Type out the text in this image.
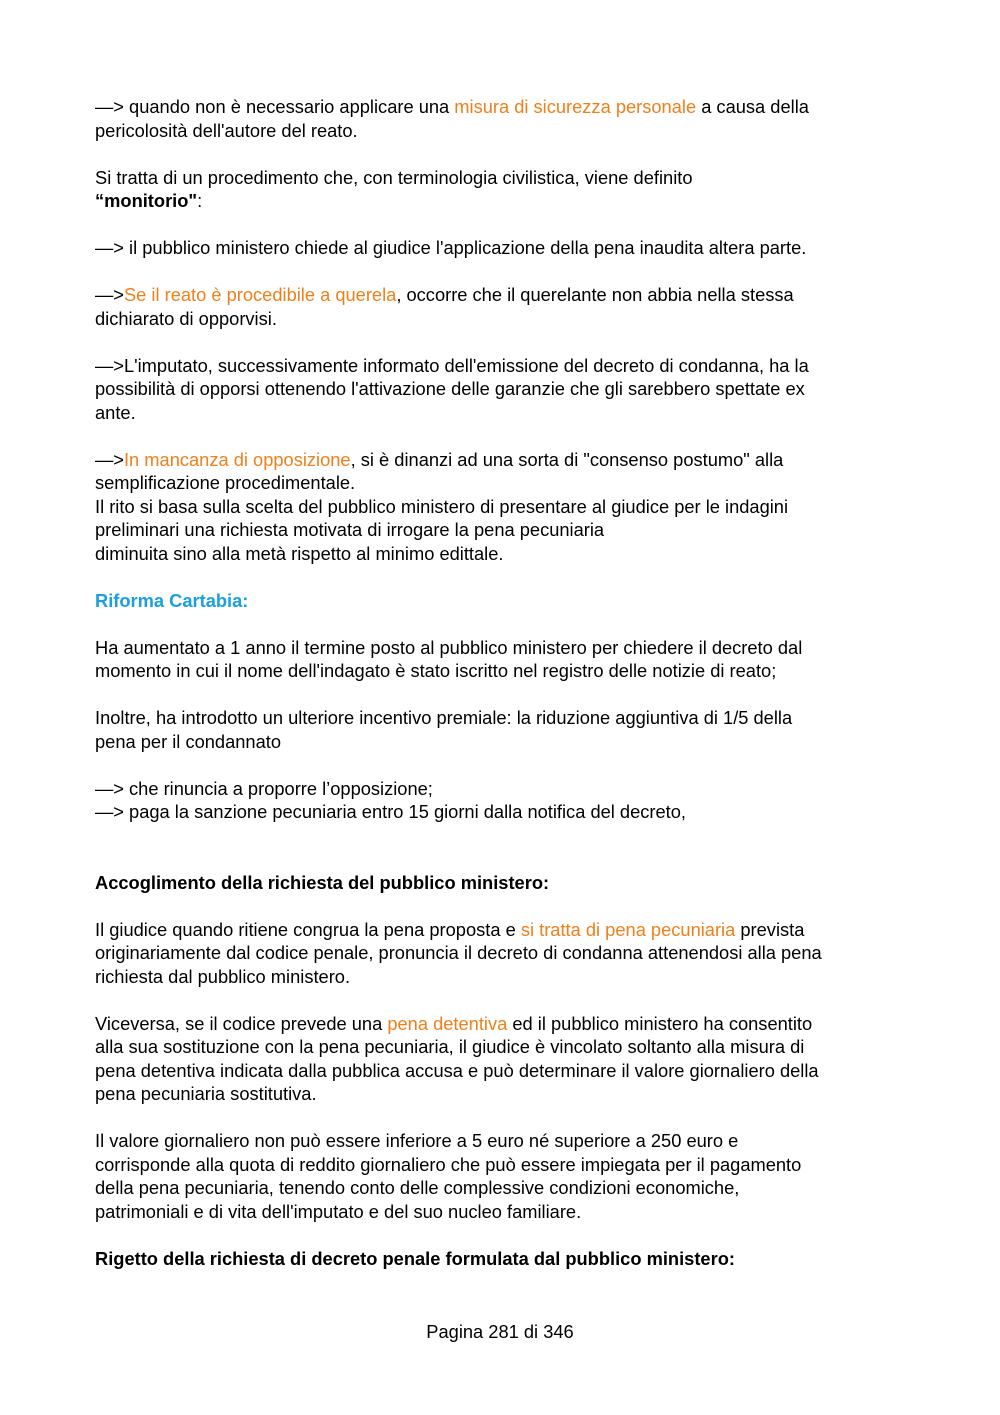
—> quando non è necessario applicare una misura di sicurezza personale a causa della
pericolosità dell'autore del reato.
Si tratta di un procedimento che, con terminologia civilistica, viene definito
“monitorio":
—> il pubblico ministero chiede al giudice l'applicazione della pena inaudita altera parte.
—>Se il reato è procedibile a querela, occorre che il querelante non abbia nella stessa
dichiarato di opporvisi.
—>L'imputato, successivamente informato dell'emissione del decreto di condanna, ha la
possibilità di opporsi ottenendo l'attivazione delle garanzie che gli sarebbero spettate ex
ante.
—>In mancanza di opposizione, si è dinanzi ad una sorta di "consenso postumo" alla
semplificazione procedimentale.
Il rito si basa sulla scelta del pubblico ministero di presentare al giudice per le indagini
preliminari una richiesta motivata di irrogare la pena pecuniaria
diminuita sino alla metà rispetto al minimo edittale.
Riforma Cartabia:
Ha aumentato a 1 anno il termine posto al pubblico ministero per chiedere il decreto dal
momento in cui il nome dell'indagato è stato iscritto nel registro delle notizie di reato;
Inoltre, ha introdotto un ulteriore incentivo premiale: la riduzione aggiuntiva di 1/5 della
pena per il condannato
—> che rinuncia a proporre l’opposizione;
—> paga la sanzione pecuniaria entro 15 giorni dalla notifica del decreto,
Accoglimento della richiesta del pubblico ministero:
Il giudice quando ritiene congrua la pena proposta e si tratta di pena pecuniaria prevista
originariamente dal codice penale, pronuncia il decreto di condanna attenendosi alla pena
richiesta dal pubblico ministero.
Viceversa, se il codice prevede una pena detentiva ed il pubblico ministero ha consentito
alla sua sostituzione con la pena pecuniaria, il giudice è vincolato soltanto alla misura di
pena detentiva indicata dalla pubblica accusa e può determinare il valore giornaliero della
pena pecuniaria sostitutiva.
Il valore giornaliero non può essere inferiore a 5 euro né superiore a 250 euro e
corrisponde alla quota di reddito giornaliero che può essere impiegata per il pagamento
della pena pecuniaria, tenendo conto delle complessive condizioni economiche,
patrimoniali e di vita dell'imputato e del suo nucleo familiare.
Rigetto della richiesta di decreto penale formulata dal pubblico ministero:
Pagina 281 di 346
